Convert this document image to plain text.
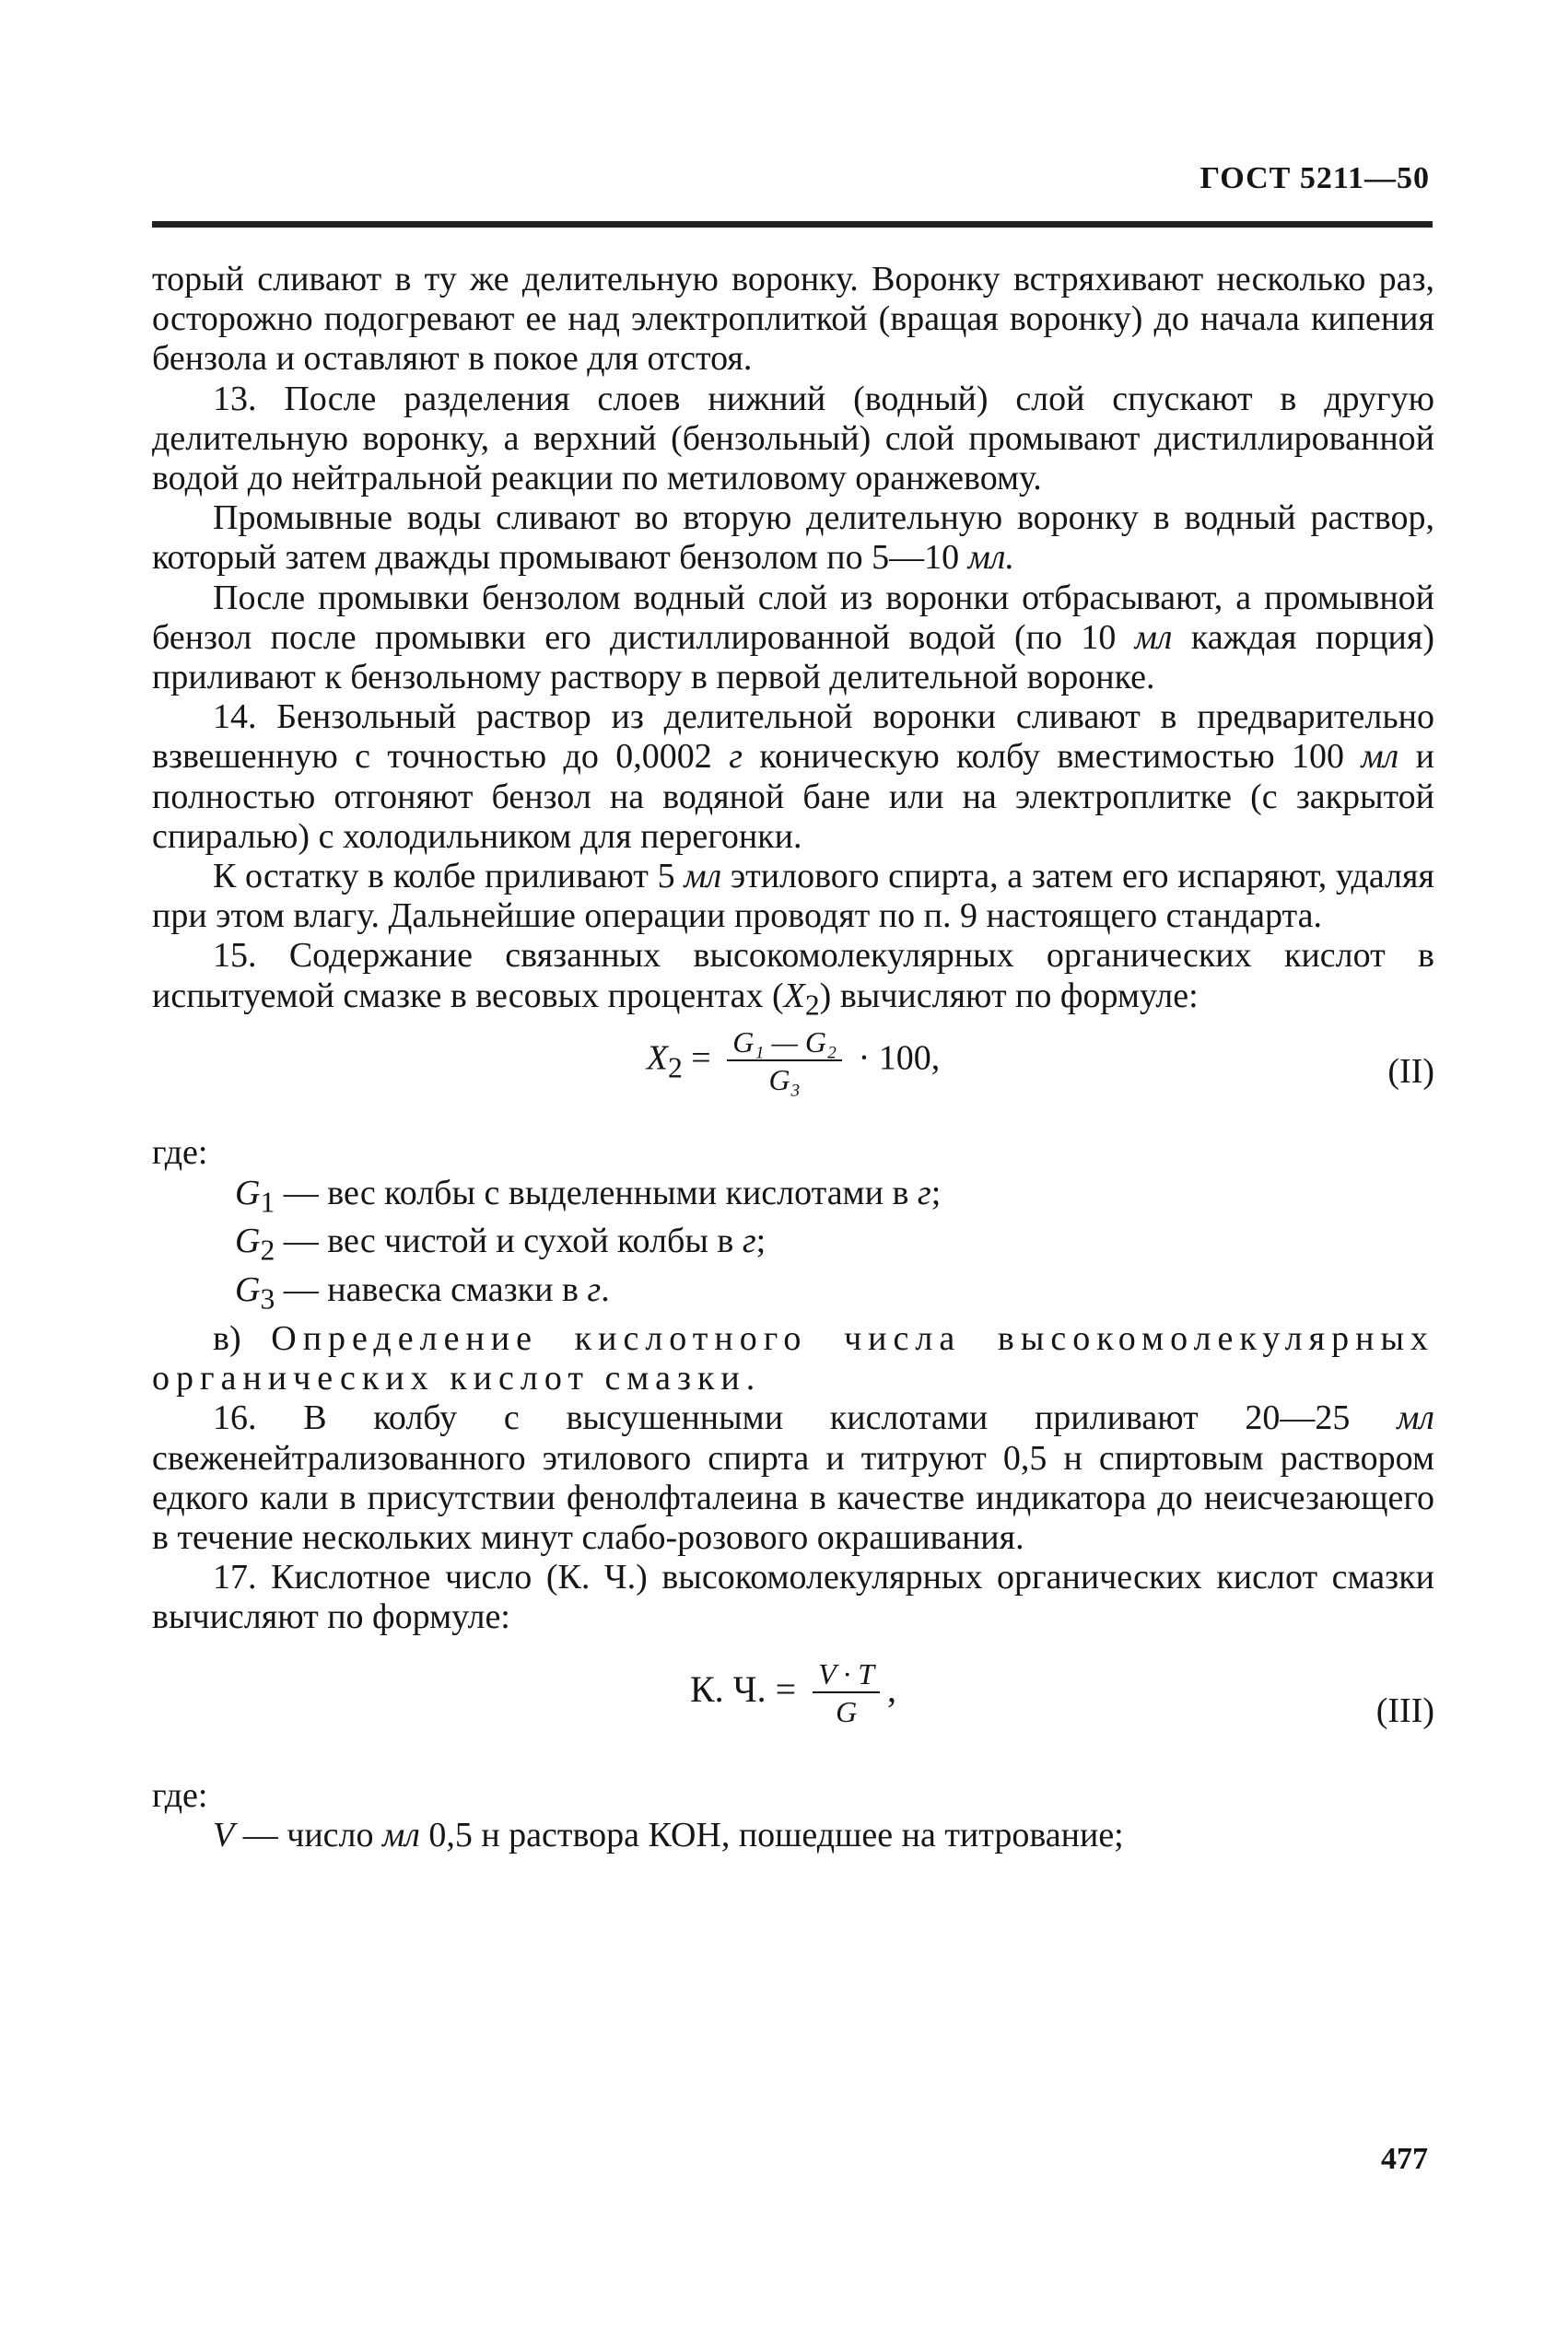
ГОСТ 5211—50

торый сливают в ту же делительную воронку. Воронку встряхивают несколько раз, осторожно подогревают ее над электроплиткой (вращая воронку) до начала кипения бензола и оставляют в покое для отстоя.

13. После разделения слоев нижний (водный) слой спускают в другую делительную воронку, а верхний (бензольный) слой промывают дистиллированной водой до нейтральной реакции по метиловому оранжевому.

Промывные воды сливают во вторую делительную воронку в водный раствор, который затем дважды промывают бензолом по 5—10 мл.

После промывки бензолом водный слой из воронки отбрасывают, а промывной бензол после промывки его дистиллированной водой (по 10 мл каждая порция) приливают к бензольному раствору в первой делительной воронке.

14. Бензольный раствор из делительной воронки сливают в предварительно взвешенную с точностью до 0,0002 г коническую колбу вместимостью 100 мл и полностью отгоняют бензол на водяной бане или на электроплитке (с закрытой спиралью) с холодильником для перегонки.

К остатку в колбе приливают 5 мл этилового спирта, а затем его испаряют, удаляя при этом влагу. Дальнейшие операции проводят по п. 9 настоящего стандарта.

15. Содержание связанных высокомолекулярных органических кислот в испытуемой смазке в весовых процентах $(X_2)$ вычисляют по формуле:

$X_2 = \frac{\text{G₁ — G₂}}{\text{G₃}} \cdot 100$,	(II)

где:

$G_1$ — вес колбы с выделенными кислотами в г;
$G_2$ — вес чистой и сухой колбы в г;
$G_3$ — навеска смазки в г.

в) Определение кислотного числа высокомолекулярных органических кислот смазки.

16. В колбу с высушенными кислотами приливают 20—25 мл свеженейтрализованного этилового спирта и титруют 0,5 н спиртовым раствором едкого кали в присутствии фенолфталеина в качестве индикатора до неисчезающего в течение нескольких минут слабо-розового окрашивания.

17. Кислотное число (К. Ч.) высокомолекулярных органических кислот смазки вычисляют по формуле:

К. Ч. = $\frac{V \cdot T}{G}$ ,
(III)

где:

V — число мл 0,5 н раствора КОН, пошедшее на титрование;

477
